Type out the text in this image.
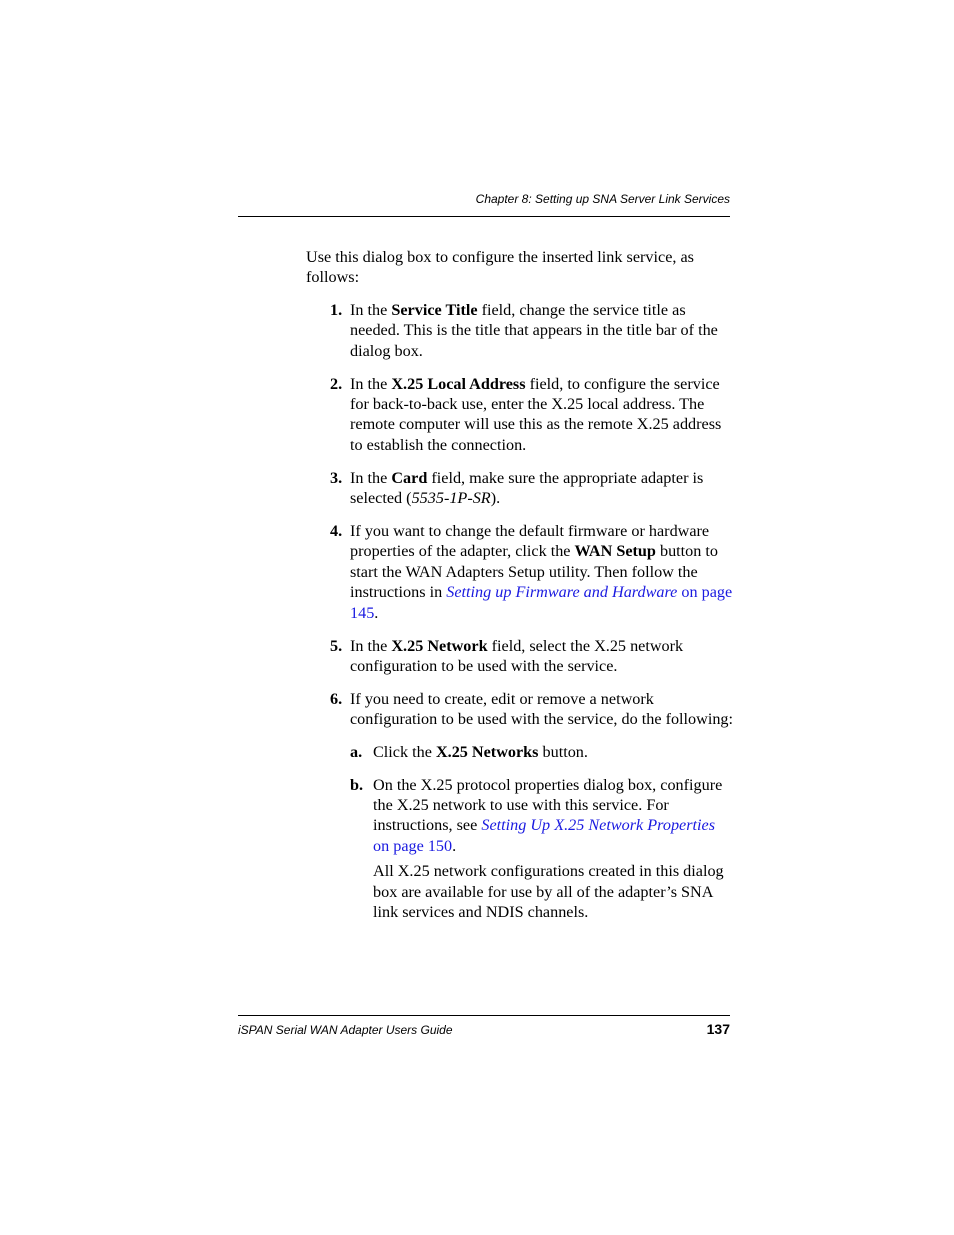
Chapter 8: Setting up SNA Server Link Services

Use this dialog box to configure the inserted link service, as follows:

1. In the Service Title field, change the service title as needed. This is the title that appears in the title bar of the dialog box.
2. In the X.25 Local Address field, to configure the service for back-to-back use, enter the X.25 local address. The remote computer will use this as the remote X.25 address to establish the connection.
3. In the Card field, make sure the appropriate adapter is selected (5535-1P-SR).
4. If you want to change the default firmware or hardware properties of the adapter, click the WAN Setup button to start the WAN Adapters Setup utility. Then follow the instructions in Setting up Firmware and Hardware on page 145.
5. In the X.25 Network field, select the X.25 network configuration to be used with the service.
6. If you need to create, edit or remove a network configuration to be used with the service, do the following:
a. Click the X.25 Networks button.
b. On the X.25 protocol properties dialog box, configure the X.25 network to use with this service. For instructions, see Setting Up X.25 Network Properties on page 150.

All X.25 network configurations created in this dialog box are available for use by all of the adapter’s SNA link services and NDIS channels.

iSPAN Serial WAN Adapter Users Guide	137
